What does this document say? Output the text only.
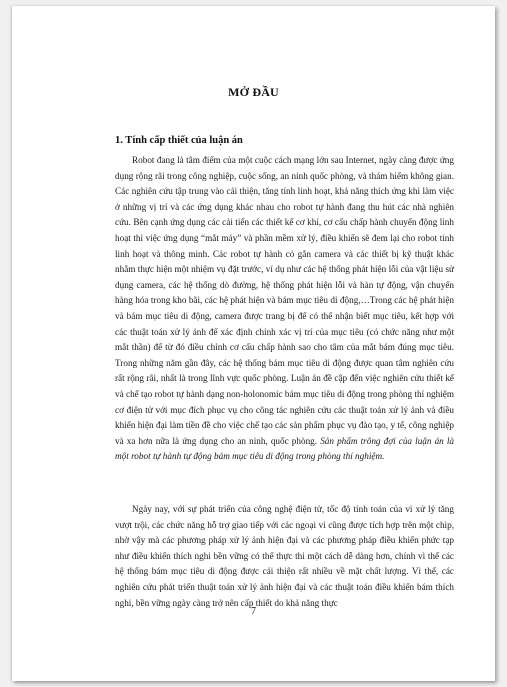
MỞ ĐẦU
1. Tính cấp thiết của luận án

Robot đang là tâm điểm của một cuộc cách mạng lớn sau Internet, ngày càng được ứng dụng rộng rãi trong công nghiệp, cuộc sống, an ninh quốc phòng, và thám hiểm không gian. Các nghiên cứu tập trung vào cải thiện, tăng tính linh hoạt, khả năng thích ứng khi làm việc ở những vị trí và các ứng dụng khác nhau cho robot tự hành đang thu hút các nhà nghiên cứu. Bên cạnh ứng dụng các cải tiến các thiết kế cơ khí, cơ cấu chấp hành chuyển động linh hoạt thì việc ứng dụng “mắt máy” và phần mềm xử lý, điều khiển sẽ đem lại cho robot tính linh hoạt và thông minh. Các robot tự hành có gắn camera và các thiết bị kỹ thuật khác nhằm thực hiện một nhiệm vụ đặt trước, ví dụ như các hệ thống phát hiện lỗi của vật liệu sử dụng camera, các hệ thống dò đường, hệ thống phát hiện lỗi và hàn tự động, vận chuyển hàng hóa trong kho bãi, các hệ phát hiện và bám mục tiêu di động,…Trong các hệ phát hiện và bám mục tiêu di động, camera được trang bị để có thể nhận biết mục tiêu, kết hợp với các thuật toán xử lý ảnh để xác định chính xác vị trí của mục tiêu (có chức năng như một mắt thần) để từ đó điều chỉnh cơ cấu chấp hành sao cho tâm của mắt bám đúng mục tiêu. Trong những năm gần đây, các hệ thống bám mục tiêu di động được quan tâm nghiên cứu rất rộng rãi, nhất là trong lĩnh vực quốc phòng. Luận án đề cập đến việc nghiên cứu thiết kế và chế tạo robot tự hành dạng non-holonomic bám mục tiêu di động trong phòng thí nghiệm cơ điện tử với mục đích phục vụ cho công tác nghiên cứu các thuật toán xử lý ảnh và điều khiển hiện đại làm tiền đề cho việc chế tạo các sản phẩm phục vụ đào tạo, y tế, công nghiệp và xa hơn nữa là ứng dụng cho an ninh, quốc phòng. Sản phẩm trông đợi của luận án là một robot tự hành tự động bám mục tiêu di động trong phòng thí nghiệm.

Ngày nay, với sự phát triển của công nghệ điện tử, tốc độ tính toán của vi xử lý tăng vượt trội, các chức năng hỗ trợ giao tiếp với các ngoại vi cũng được tích hợp trên một chip, nhờ vậy mà các phương pháp xử lý ảnh hiện đại và các phương pháp điều khiển phức tạp như điều khiển thích nghi bền vững có thể thực thi một cách dễ dàng hơn, chính vì thế các hệ thống bám mục tiêu di động được cải thiện rất nhiều về mặt chất lượng. Vì thế, các nghiên cứu phát triển thuật toán xử lý ảnh hiện đại và các thuật toán điều khiển bám thích nghi, bền vững ngày càng trở nên cấp thiết do khả năng thực

7
